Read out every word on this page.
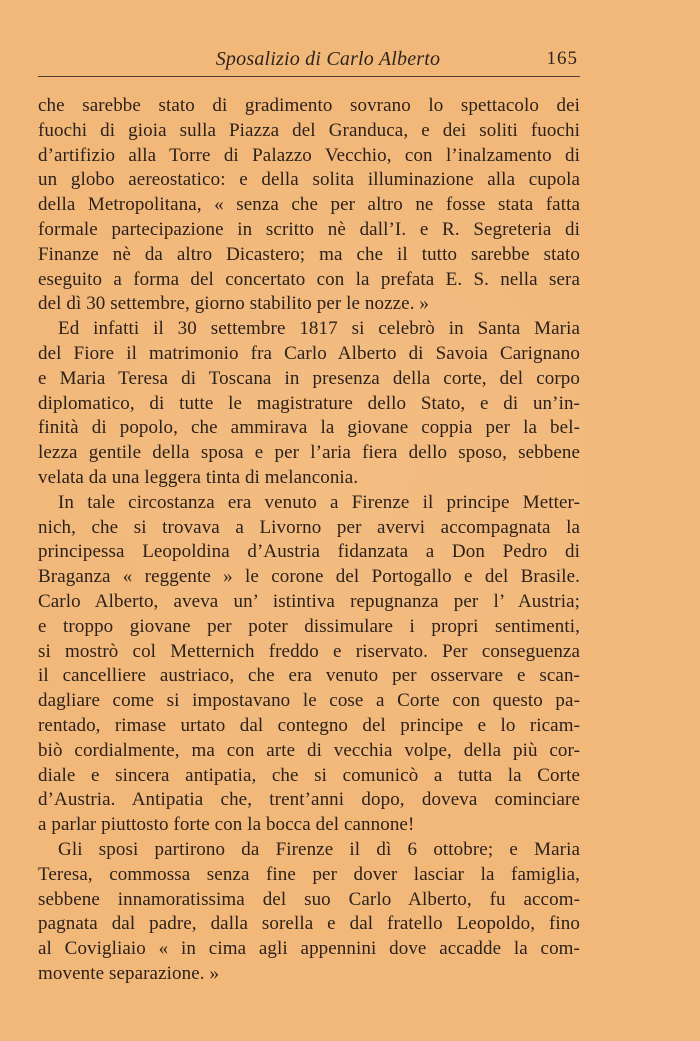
Sposalizio di Carlo Alberto	165
che sarebbe stato di gradimento sovrano lo spettacolo dei
fuochi di gioia sulla Piazza del Granduca, e dei soliti fuochi
d’artifizio alla Torre di Palazzo Vecchio, con l’inalzamento di
un globo aereostatico: e della solita illuminazione alla cupola
della Metropolitana, « senza che per altro ne fosse stata fatta
formale partecipazione in scritto nè dall’I. e R. Segreteria di
Finanze nè da altro Dicastero; ma che il tutto sarebbe stato
eseguito a forma del concertato con la prefata E. S. nella sera
del dì 30 settembre, giorno stabilito per le nozze. »
Ed infatti il 30 settembre 1817 si celebrò in Santa Maria
del Fiore il matrimonio fra Carlo Alberto di Savoia Carignano
e Maria Teresa di Toscana in presenza della corte, del corpo
diplomatico, di tutte le magistrature dello Stato, e di un’in-
finità di popolo, che ammirava la giovane coppia per la bel-
lezza gentile della sposa e per l’aria fiera dello sposo, sebbene
velata da una leggera tinta di melanconia.
In tale circostanza era venuto a Firenze il principe Metter-
nich, che si trovava a Livorno per avervi accompagnata la
principessa Leopoldina d’Austria fidanzata a Don Pedro di
Braganza « reggente » le corone del Portogallo e del Brasile.
Carlo Alberto, aveva un’ istintiva repugnanza per l’ Austria;
e troppo giovane per poter dissimulare i propri sentimenti,
si mostrò col Metternich freddo e riservato. Per conseguenza
il cancelliere austriaco, che era venuto per osservare e scan-
dagliare come si impostavano le cose a Corte con questo pa-
rentado, rimase urtato dal contegno del principe e lo ricam-
biò cordialmente, ma con arte di vecchia volpe, della più cor-
diale e sincera antipatia, che si comunicò a tutta la Corte
d’Austria. Antipatia che, trent’anni dopo, doveva cominciare
a parlar piuttosto forte con la bocca del cannone!
Gli sposi partirono da Firenze il dì 6 ottobre; e Maria
Teresa, commossa senza fine per dover lasciar la famiglia,
sebbene innamoratissima del suo Carlo Alberto, fu accom-
pagnata dal padre, dalla sorella e dal fratello Leopoldo, fino
al Covigliaio « in cima agli appennini dove accadde la com-
movente separazione. »
